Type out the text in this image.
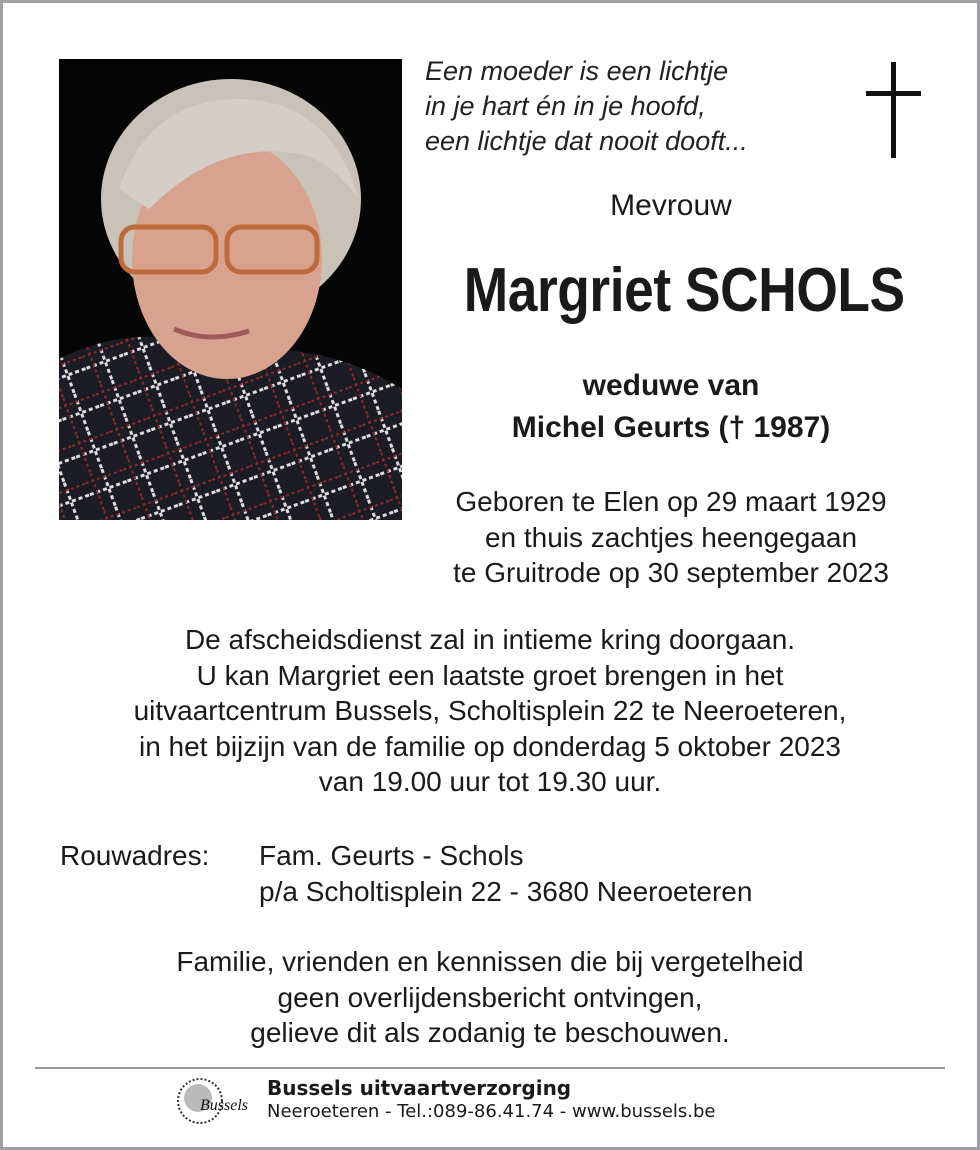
Een moeder is een lichtje
in je hart én in je hoofd,
een lichtje dat nooit dooft...
Mevrouw
Margriet SCHOLS
weduwe van
Michel Geurts († 1987)
Geboren te Elen op 29 maart 1929
en thuis zachtjes heengegaan
te Gruitrode op 30 september 2023
De afscheidsdienst zal in intieme kring doorgaan.
U kan Margriet een laatste groet brengen in het
uitvaartcentrum Bussels, Scholtisplein 22 te Neeroeteren,
in het bijzijn van de familie op donderdag 5 oktober 2023
van 19.00 uur tot 19.30 uur.
Rouwadres: Fam. Geurts - Schols
p/a Scholtisplein 22 - 3680 Neeroeteren
Familie, vrienden en kennissen die bij vergetelheid
geen overlijdensbericht ontvingen,
gelieve dit als zodanig te beschouwen.
Bussels
Bussels uitvaartverzorging
Neeroeteren - Tel.:089-86.41.74 - www.bussels.be
